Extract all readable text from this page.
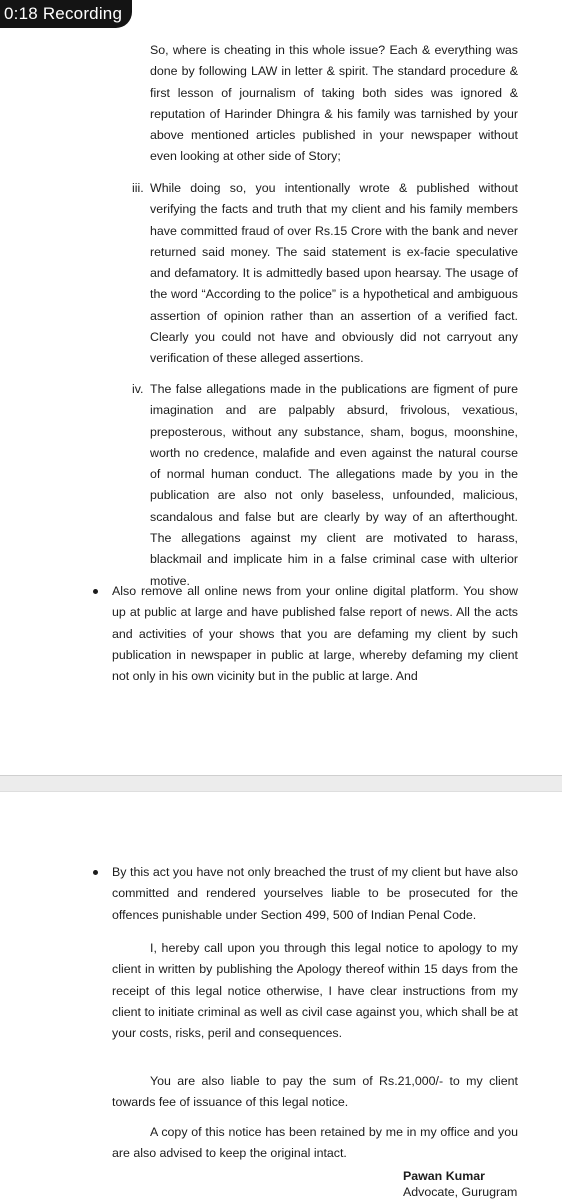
0:18 Recording

So, where is cheating in this whole issue? Each & everything was done by following LAW in letter & spirit. The standard procedure & first lesson of journalism of taking both sides was ignored & reputation of Harinder Dhingra & his family was tarnished by your above mentioned articles published in your newspaper without even looking at other side of Story;

iii. While doing so, you intentionally wrote & published without verifying the facts and truth that my client and his family members have committed fraud of over Rs.15 Crore with the bank and never returned said money. The said statement is ex-facie speculative and defamatory. It is admittedly based upon hearsay. The usage of the word “According to the police” is a hypothetical and ambiguous assertion of opinion rather than an assertion of a verified fact. Clearly you could not have and obviously did not carryout any verification of these alleged assertions.

iv. The false allegations made in the publications are figment of pure imagination and are palpably absurd, frivolous, vexatious, preposterous, without any substance, sham, bogus, moonshine, worth no credence, malafide and even against the natural course of normal human conduct. The allegations made by you in the publication are also not only baseless, unfounded, malicious, scandalous and false but are clearly by way of an afterthought. The allegations against my client are motivated to harass, blackmail and implicate him in a false criminal case with ulterior motive.

Also remove all online news from your online digital platform. You show up at public at large and have published false report of news. All the acts and activities of your shows that you are defaming my client by such publication in newspaper in public at large, whereby defaming my client not only in his own vicinity but in the public at large. And

By this act you have not only breached the trust of my client but have also committed and rendered yourselves liable to be prosecuted for the offences punishable under Section 499, 500 of Indian Penal Code.

I, hereby call upon you through this legal notice to apology to my client in written by publishing the Apology thereof within 15 days from the receipt of this legal notice otherwise, I have clear instructions from my client to initiate criminal as well as civil case against you, which shall be at your costs, risks, peril and consequences.

You are also liable to pay the sum of Rs.21,000/- to my client towards fee of issuance of this legal notice.

A copy of this notice has been retained by me in my office and you are also advised to keep the original intact.

Pawan Kumar
Advocate, Gurugram
